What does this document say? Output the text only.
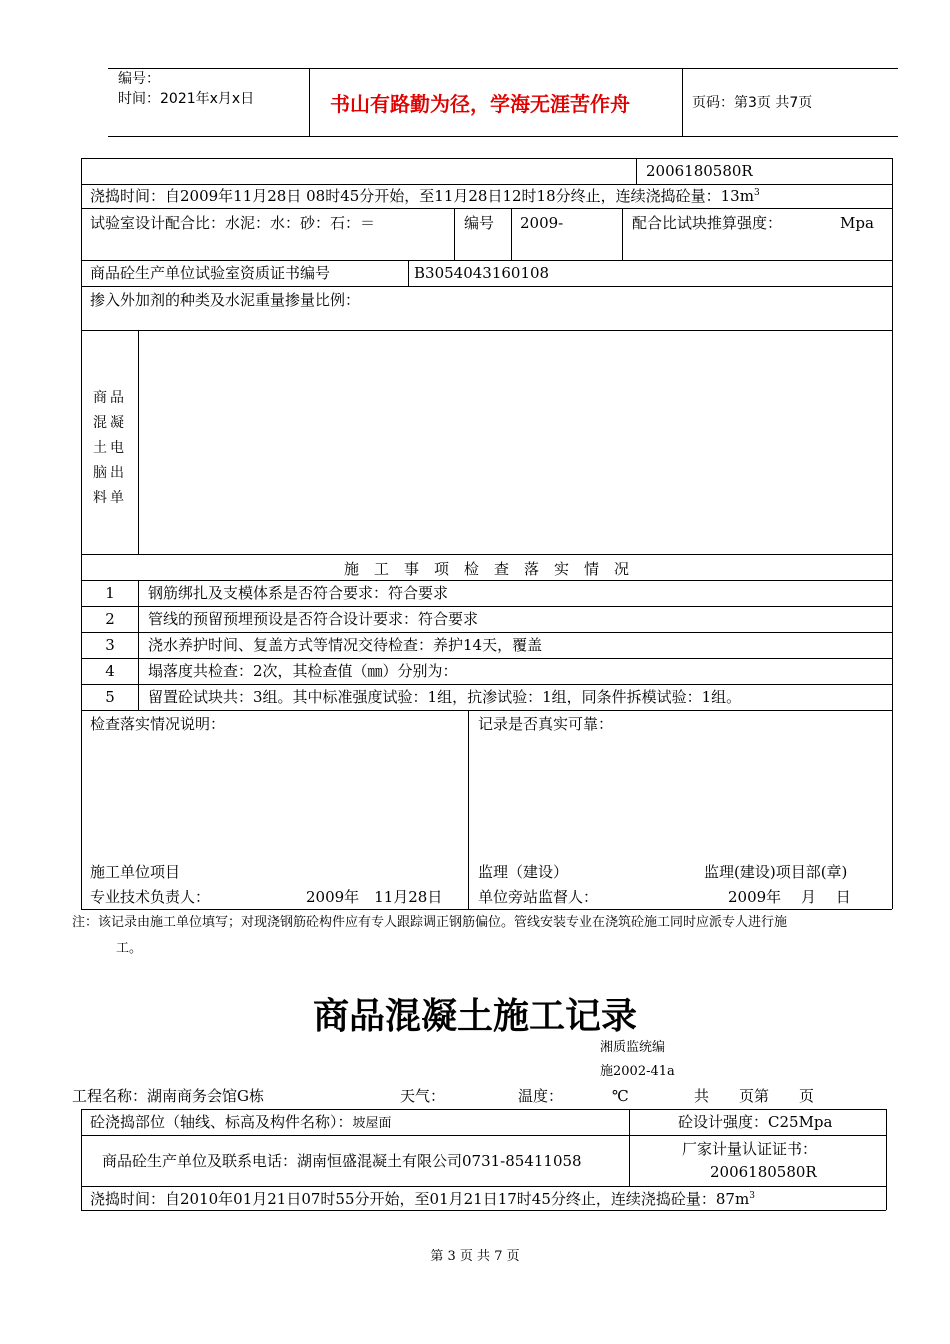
编号：
时间：2021年x月x日	书山有路勤为径，学海无涯苦作舟	页码：第3页 共7页
2006180580R
浇捣时间：自2009年11月28日 08时45分开始，至11月28日12时18分终止，连续浇捣砼量：$13m^3$
试验室设计配合比：水泥：水：砂：石：＝	编号 2009-	配合比试块推算强度：	Mpa
商品砼生产单位试验室资质证书编号	B3054043160108
掺入外加剂的种类及水泥重量掺量比例：
商品
混凝
土电
脑出
料单
施　工　事　项　检　查　落　实　情　况
1	钢筋绑扎及支模体系是否符合要求：符合要求
2	管线的预留预埋预设是否符合设计要求：符合要求
3	浇水养护时间、复盖方式等情况交待检查：养护14天，覆盖
4	塌落度共检查：2次，其检查值（㎜）分别为：
5	留置砼试块共：3组。其中标准强度试验：1组，抗渗试验：1组，同条件拆模试验：1组。
检查落实情况说明：	记录是否真实可靠：
施工单位项目
专业技术负责人：	2009年　11月28日
监理（建设）	监理(建设)项目部(章)
单位旁站监督人：	2009年　 月　 日
注：该记录由施工单位填写；对现浇钢筋砼构件应有专人跟踪调正钢筋偏位。管线安装专业在浇筑砼施工同时应派专人进行施
工。
商品混凝土施工记录
湘质监统编
施2002-41a
工程名称：湖南商务会馆G栋	天气：	温度：	℃	共　　页第　　页
砼浇捣部位（轴线、标高及构件名称）：坡屋面	砼设计强度：C25Mpa
商品砼生产单位及联系电话：湖南恒盛混凝土有限公司0731-85411058
厂家计量认证证书：
2006180580R
浇捣时间：自2010年01月21日07时55分开始，至01月21日17时45分终止，连续浇捣砼量：$87m^3$
第 3 页 共 7 页
